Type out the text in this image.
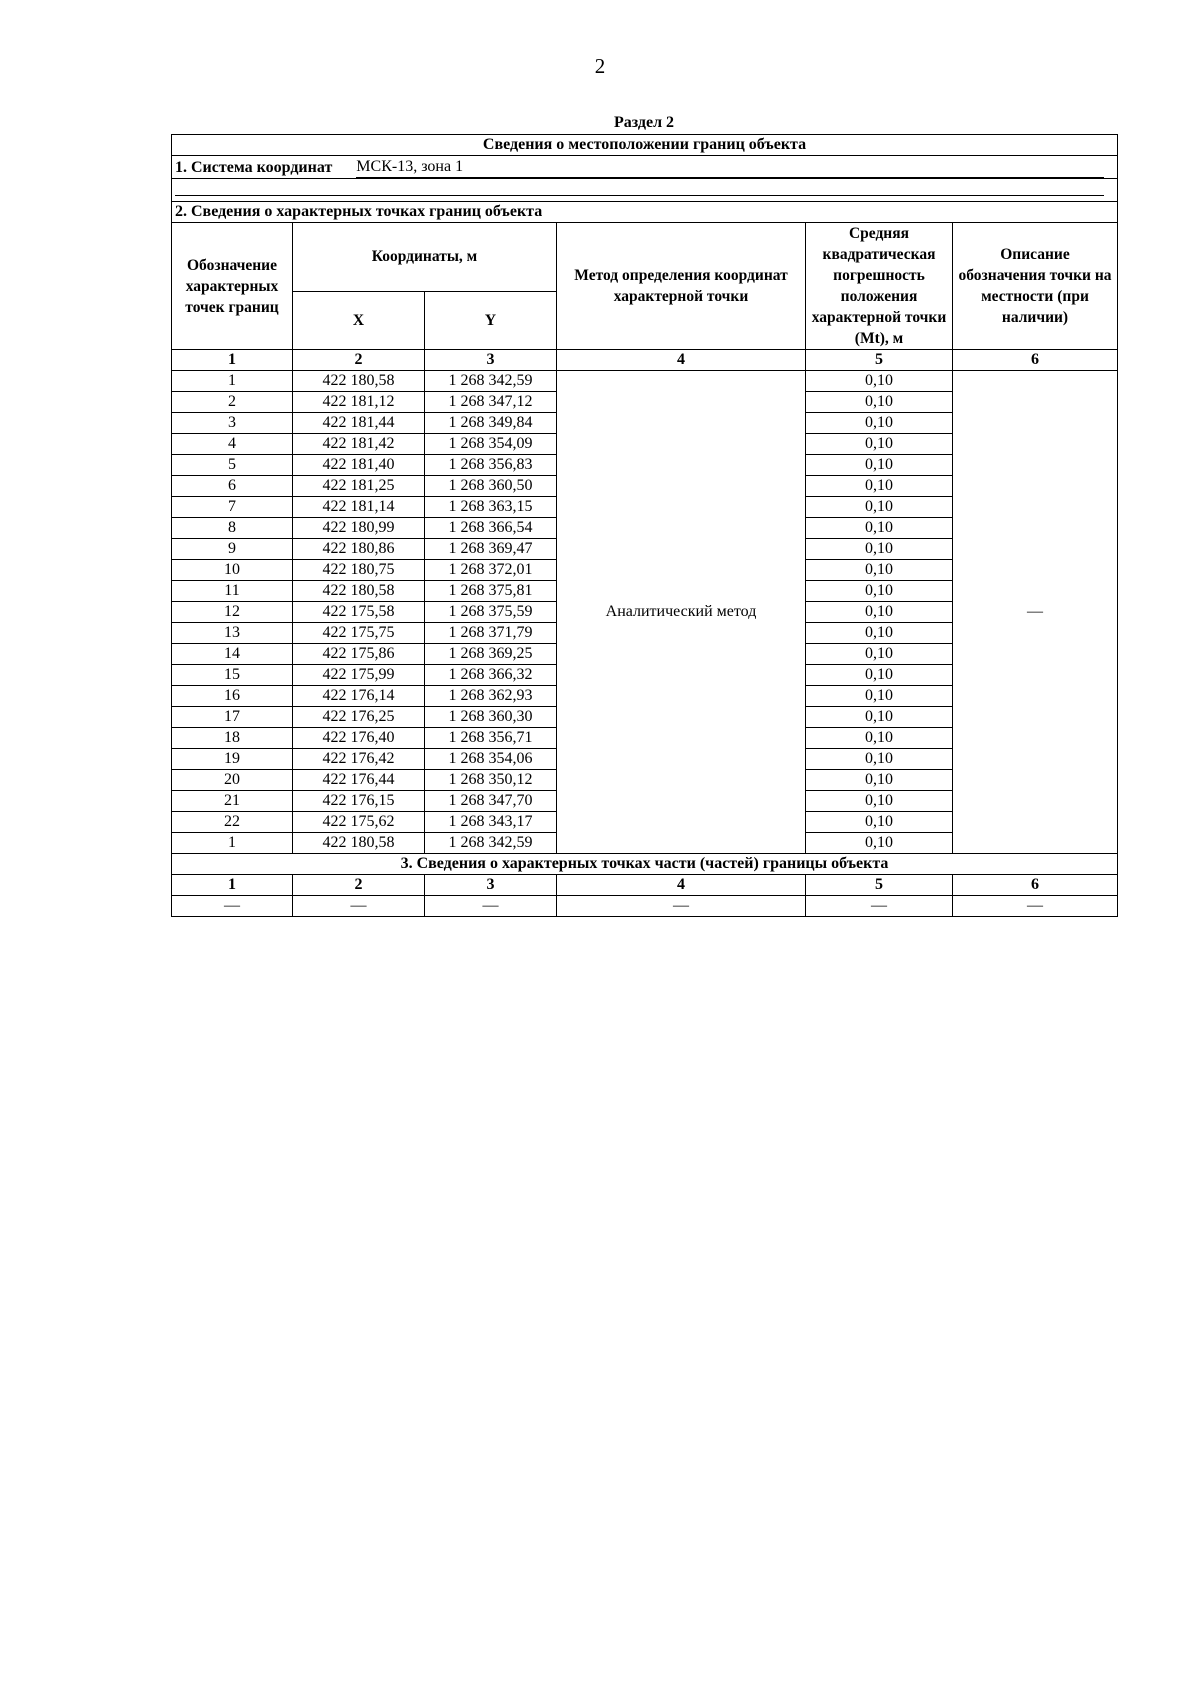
2
Раздел 2
Сведения о местоположении границ объекта					

1. Система координат МСК-13, зона 1					

2. Сведения о характерных точках границ объекта					
Обозначение характерных точек границ	Координаты, м		Метод определения координат характерной точки	Средняя квадратическая погрешность положения характерной точки (Mt), м	Описание обозначения точки на местности (при наличии)
	X	Y			
1	2	3	4	5	6
1	422 180,58	1 268 342,59	Аналитический метод	0,10	—
2	422 181,12	1 268 347,12		0,10	
3	422 181,44	1 268 349,84		0,10	
4	422 181,42	1 268 354,09		0,10	
5	422 181,40	1 268 356,83		0,10	
6	422 181,25	1 268 360,50		0,10	
7	422 181,14	1 268 363,15		0,10	
8	422 180,99	1 268 366,54		0,10	
9	422 180,86	1 268 369,47		0,10	
10	422 180,75	1 268 372,01		0,10	
11	422 180,58	1 268 375,81		0,10	
12	422 175,58	1 268 375,59		0,10	
13	422 175,75	1 268 371,79		0,10	
14	422 175,86	1 268 369,25		0,10	
15	422 175,99	1 268 366,32		0,10	
16	422 176,14	1 268 362,93		0,10	
17	422 176,25	1 268 360,30		0,10	
18	422 176,40	1 268 356,71		0,10	
19	422 176,42	1 268 354,06		0,10	
20	422 176,44	1 268 350,12		0,10	
21	422 176,15	1 268 347,70		0,10	
22	422 175,62	1 268 343,17		0,10	
1	422 180,58	1 268 342,59		0,10	
3. Сведения о характерных точках части (частей) границы объекта					
1	2	3	4	5	6
—	—	—	—	—	—
